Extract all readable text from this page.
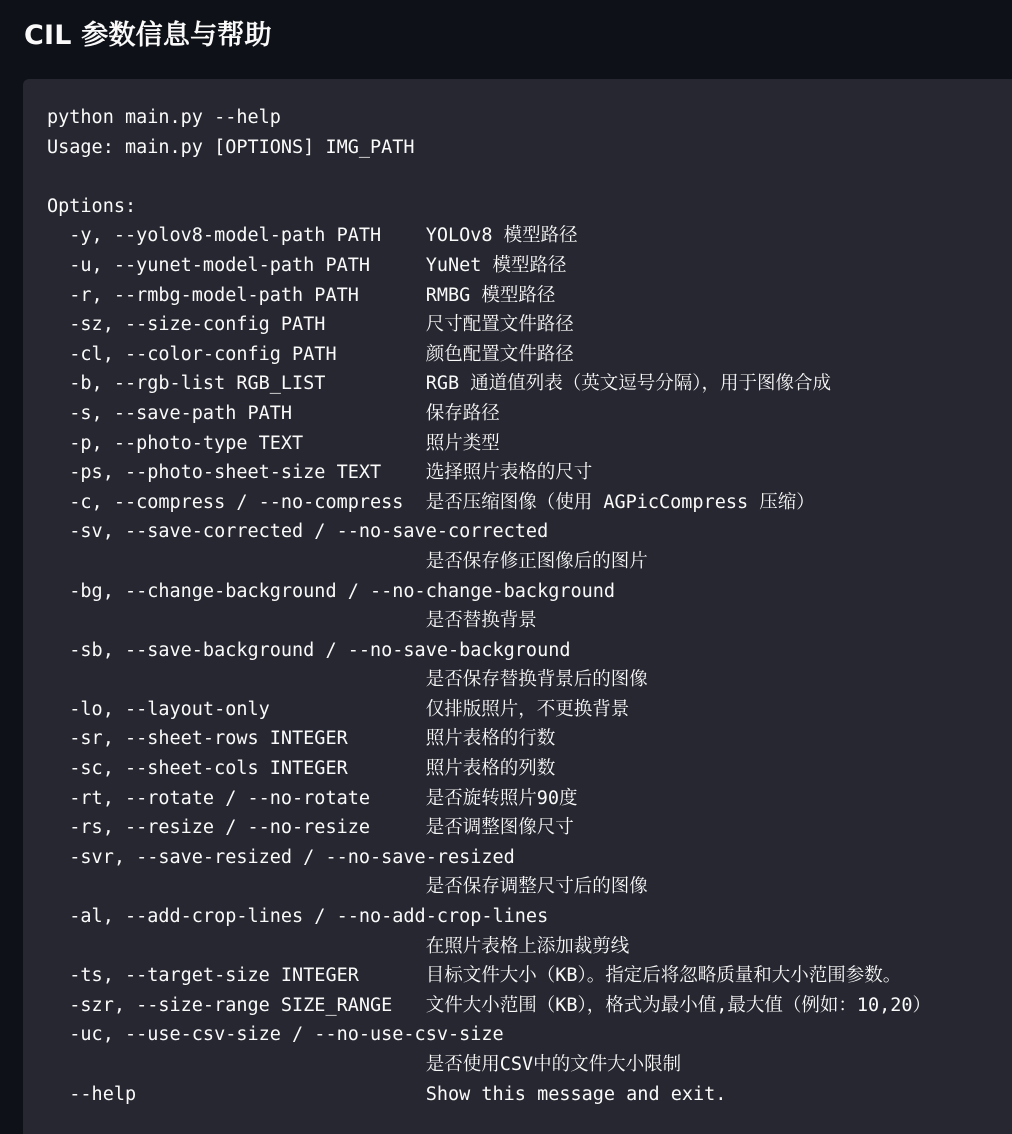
CIL 参数信息与帮助
python main.py --help
Usage: main.py [OPTIONS] IMG_PATH
Options:
-y, --yolov8-model-path PATH    YOLOv8 模型路径
-u, --yunet-model-path PATH     YuNet 模型路径
-r, --rmbg-model-path PATH      RMBG 模型路径
-sz, --size-config PATH         尺寸配置文件路径
-cl, --color-config PATH        颜色配置文件路径
-b, --rgb-list RGB_LIST         RGB 通道值列表（英文逗号分隔），用于图像合成
-s, --save-path PATH            保存路径
-p, --photo-type TEXT           照片类型
-ps, --photo-sheet-size TEXT    选择照片表格的尺寸
-c, --compress / --no-compress  是否压缩图像（使用 AGPicCompress 压缩）
-sv, --save-corrected / --no-save-corrected
是否保存修正图像后的图片
-bg, --change-background / --no-change-background
是否替换背景
-sb, --save-background / --no-save-background
是否保存替换背景后的图像
-lo, --layout-only              仅排版照片，不更换背景
-sr, --sheet-rows INTEGER       照片表格的行数
-sc, --sheet-cols INTEGER       照片表格的列数
-rt, --rotate / --no-rotate     是否旋转照片90度
-rs, --resize / --no-resize     是否调整图像尺寸
-svr, --save-resized / --no-save-resized
是否保存调整尺寸后的图像
-al, --add-crop-lines / --no-add-crop-lines
在照片表格上添加裁剪线
-ts, --target-size INTEGER      目标文件大小（KB）。指定后将忽略质量和大小范围参数。
-szr, --size-range SIZE_RANGE   文件大小范围（KB），格式为最小值,最大值（例如：10,20）
-uc, --use-csv-size / --no-use-csv-size
是否使用CSV中的文件大小限制
--help                          Show this message and exit.
